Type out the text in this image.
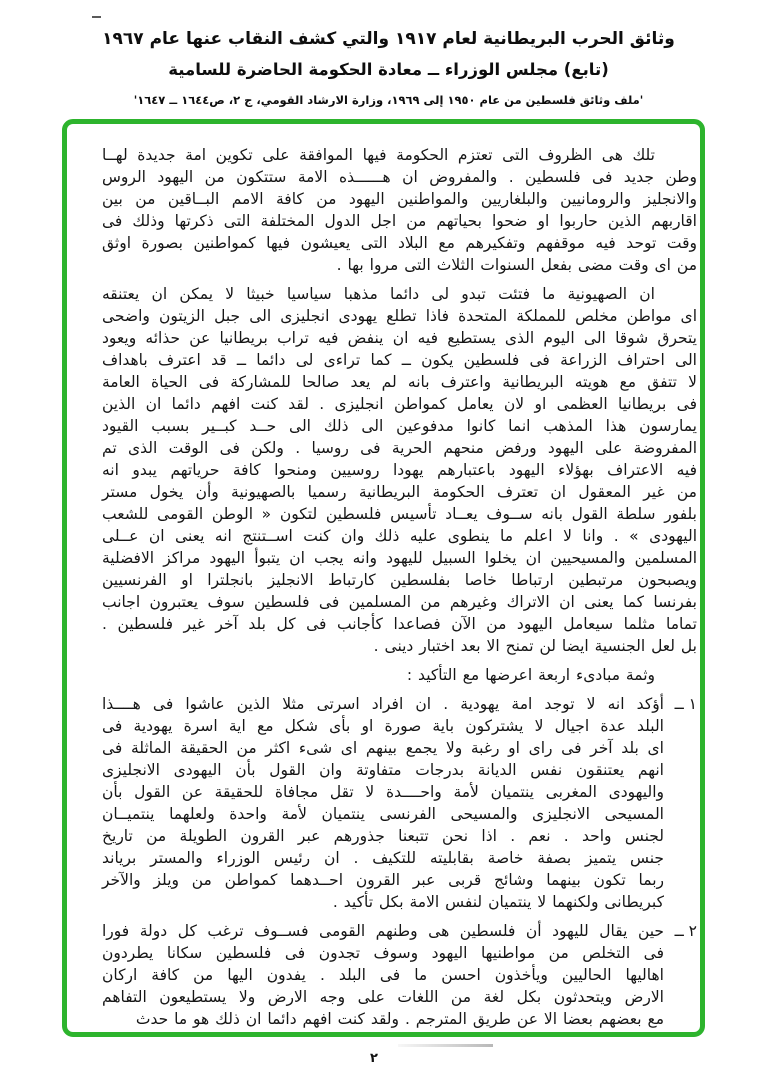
وثائق الحرب البريطانية لعام ١٩١٧ والتي كشف النقاب عنها عام ١٩٦٧
(تابع) مجلس الوزراء ــ معادة الحكومة الحاضرة للسامية
'ملف وثائق فلسطين من عام ١٩٥٠ إلى ١٩٦٩، وزارة الارشاد القومي، ج ٢، ص١٦٤٤ ــ ١٦٤٧'
تلك هى الظروف التى تعتزم الحكومة فيها الموافقة على تكوين امة جديدة لهــا
وطن جديد فى فلسطين . والمفروض ان هــــــذه الامة ستتكون من اليهود الروس
والانجليز والرومانيين والبلغاريين والمواطنين اليهود من كافة الامم البــاقين من بين
اقاربهم الذين حاربوا او ضحوا بحياتهم من اجل الدول المختلفة التى ذكرتها وذلك فى
وقت توحد فيه موقفهم وتفكيرهم مع البلاد التى يعيشون فيها كمواطنين بصورة اوثق
من اى وقت مضى بفعل السنوات الثلاث التى مروا بها .
ان الصهيونية ما فتئت تبدو لى دائما مذهبا سياسيا خبيثا لا يمكن ان يعتنقه
اى مواطن مخلص للمملكة المتحدة فاذا تطلع يهودى انجليزى الى جبل الزيتون واضحى
يتحرق شوقا الى اليوم الذى يستطيع فيه ان ينفض فيه تراب بريطانيا عن حذائه ويعود
الى احتراف الزراعة فى فلسطين يكون ــ كما تراءى لى دائما ــ قد اعترف باهداف
لا تتفق مع هويته البريطانية واعترف بانه لم يعد صالحا للمشاركة فى الحياة العامة
فى بريطانيا العظمى او لان يعامل كمواطن انجليزى . لقد كنت افهم دائما ان الذين
يمارسون هذا المذهب انما كانوا مدفوعين الى ذلك الى حــد كبــير بسبب القيود
المفروضة على اليهود ورفض منحهم الحرية فى روسيا . ولكن فى الوقت الذى تم
فيه الاعتراف بهؤلاء اليهود باعتبارهم يهودا روسيين ومنحوا كافة حرياتهم يبدو انه
من غير المعقول ان تعترف الحكومة البريطانية رسميا بالصهيونية وأن يخول مستر
بلفور سلطة القول بانه ســوف يعــاد تأسيس فلسطين لتكون « الوطن القومى للشعب
اليهودى » . وانا لا اعلم ما ينطوى عليه ذلك وان كنت اســتنتج انه يعنى ان عــلى
المسلمين والمسيحيين ان يخلوا السبيل لليهود وانه يجب ان يتبوأ اليهود مراكز الافضلية
ويصبحون مرتبطين ارتباطا خاصا بفلسطين كارتباط الانجليز بانجلترا او الفرنسيين
بفرنسا كما يعنى ان الاتراك وغيرهم من المسلمين فى فلسطين سوف يعتبرون اجانب
تماما مثلما سيعامل اليهود من الآن فصاعدا كأجانب فى كل بلد آخر غير فلسطين .
بل لعل الجنسية ايضا لن تمنح الا بعد اختبار دينى .
وثمة مبادىء اربعة اعرضها مع التأكيد :
١ ــ
أؤكد انه لا توجد امة يهودية . ان افراد اسرتى مثلا الذين عاشوا فى هــــذا
البلد عدة اجيال لا يشتركون باية صورة او بأى شكل مع اية اسرة يهودية فى
اى بلد آخر فى راى او رغبة ولا يجمع بينهم اى شىء اكثر من الحقيقة الماثلة فى
انهم يعتنقون نفس الديانة بدرجات متفاوتة وان القول بأن اليهودى الانجليزى
واليهودى المغربى ينتميان لأمة واحــــدة لا تقل مجافاة للحقيقة عن القول بأن
المسيحى الانجليزى والمسيحى الفرنسى ينتميان لأمة واحدة ولعلهما ينتميــان
لجنس واحد . نعم . اذا نحن تتبعنا جذورهم عبر القرون الطويلة من تاريخ
جنس يتميز بصفة خاصة بقابليته للتكيف . ان رئيس الوزراء والمستر برياند
ربما تكون بينهما وشائج قربى عبر القرون احــدهما كمواطن من ويلز والآخر
كبريطانى ولكنهما لا ينتميان لنفس الامة بكل تأكيد .
٢ ــ
حين يقال لليهود أن فلسطين هى وطنهم القومى فســوف ترغب كل دولة فورا
فى التخلص من مواطنيها اليهود وسوف تجدون فى فلسطين سكانا يطردون
اهاليها الحاليين ويأخذون احسن ما فى البلد . يفدون اليها من كافة اركان
الارض ويتحدثون بكل لغة من اللغات على وجه الارض ولا يستطيعون التفاهم
مع بعضهم بعضا الا عن طريق المترجم . ولقد كنت افهم دائما ان ذلك هو ما حدث
٢
